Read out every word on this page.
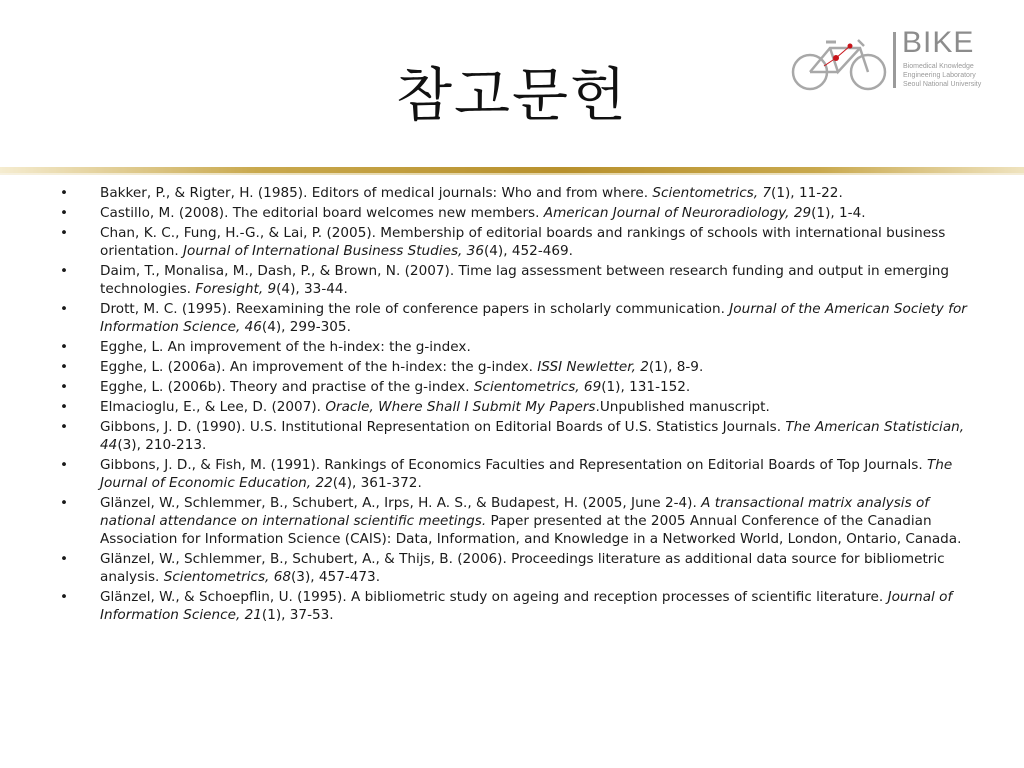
참고문헌
BIKE
Biomedical Knowledge
Engineering Laboratory
Seoul National University
• Bakker, P., & Rigter, H. (1985). Editors of medical journals: Who and from where. Scientometrics, 7(1), 11-22.
• Castillo, M. (2008). The editorial board welcomes new members. American Journal of Neuroradiology, 29(1), 1-4.
• Chan, K. C., Fung, H.-G., & Lai, P. (2005). Membership of editorial boards and rankings of schools with international business orientation. Journal of International Business Studies, 36(4), 452-469.
• Daim, T., Monalisa, M., Dash, P., & Brown, N. (2007). Time lag assessment between research funding and output in emerging technologies. Foresight, 9(4), 33-44.
• Drott, M. C. (1995). Reexamining the role of conference papers in scholarly communication. Journal of the American Society for Information Science, 46(4), 299-305.
• Egghe, L. An improvement of the h-index: the g-index.
• Egghe, L. (2006a). An improvement of the h-index: the g-index. ISSI Newletter, 2(1), 8-9.
• Egghe, L. (2006b). Theory and practise of the g-index. Scientometrics, 69(1), 131-152.
• Elmacioglu, E., & Lee, D. (2007). Oracle, Where Shall I Submit My Papers.Unpublished manuscript.
• Gibbons, J. D. (1990). U.S. Institutional Representation on Editorial Boards of U.S. Statistics Journals. The American Statistician, 44(3), 210-213.
• Gibbons, J. D., & Fish, M. (1991). Rankings of Economics Faculties and Representation on Editorial Boards of Top Journals. The Journal of Economic Education, 22(4), 361-372.
• Glänzel, W., Schlemmer, B., Schubert, A., Irps, H. A. S., & Budapest, H. (2005, June 2-4). A transactional matrix analysis of national attendance on international scientific meetings. Paper presented at the 2005 Annual Conference of the Canadian Association for Information Science (CAIS): Data, Information, and Knowledge in a Networked World, London, Ontario, Canada.
• Glänzel, W., Schlemmer, B., Schubert, A., & Thijs, B. (2006). Proceedings literature as additional data source for bibliometric analysis. Scientometrics, 68(3), 457-473.
• Glänzel, W., & Schoepflin, U. (1995). A bibliometric study on ageing and reception processes of scientific literature. Journal of Information Science, 21(1), 37-53.
